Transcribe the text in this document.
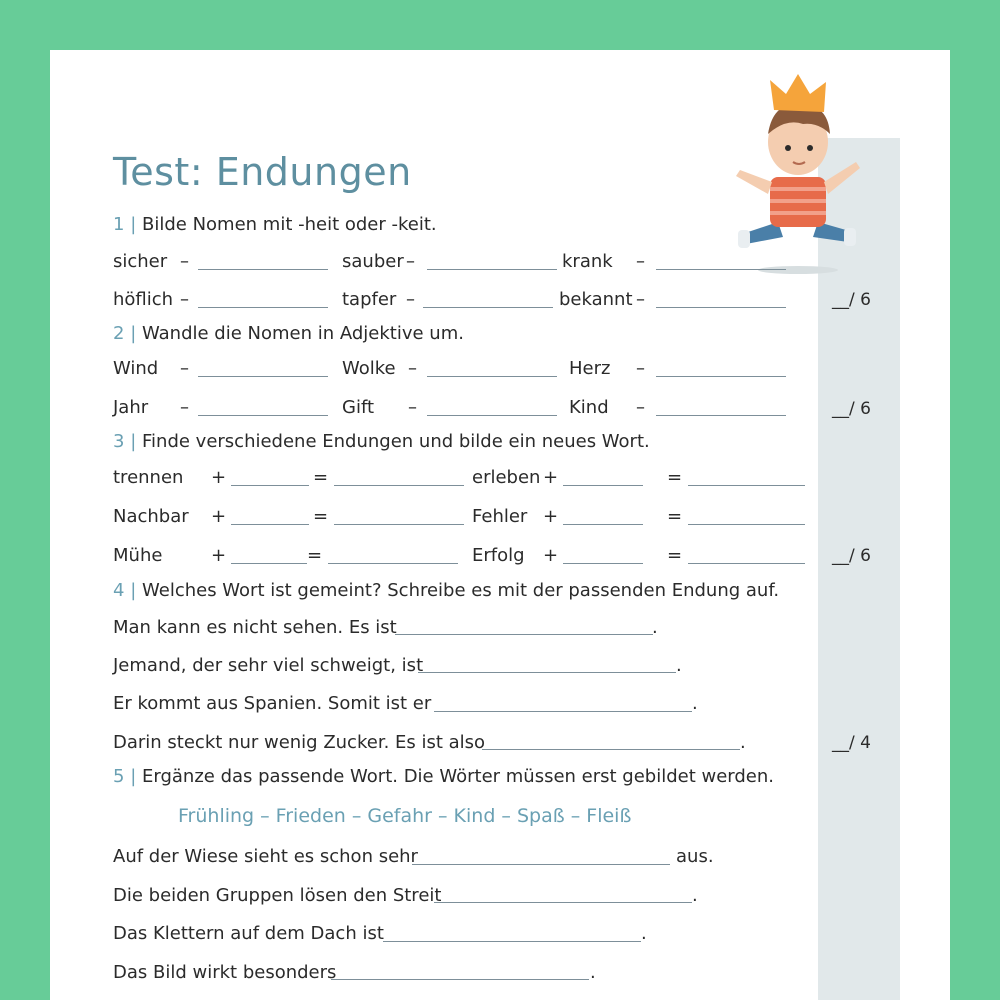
Test: Endungen
1 | Bilde Nomen mit -heit oder -keit.
sicher –	sauber –	krank –
höflich –	tapfer –	bekannt –	__/ 6
2 | Wandle die Nomen in Adjektive um.
Wind –	Wolke –	Herz –
Jahr –	Gift –	Kind –	__/ 6
3 | Finde verschiedene Endungen und bilde ein neues Wort.
trennen +	=	erleben +	=
Nachbar +	=	Fehler +	=
Mühe	+	=	Erfolg +	=	__/ 6
4 | Welches Wort ist gemeint? Schreibe es mit der passenden Endung auf.
Man kann es nicht sehen. Es ist	.
Jemand, der sehr viel schweigt, ist	.
Er kommt aus Spanien. Somit ist er	.
Darin steckt nur wenig Zucker. Es ist also	.	__/ 4
5 | Ergänze das passende Wort. Die Wörter müssen erst gebildet werden.
Frühling – Frieden – Gefahr – Kind – Spaß – Fleiß
Auf der Wiese sieht es schon sehr	aus.
Die beiden Gruppen lösen den Streit	.
Das Klettern auf dem Dach ist	.
Das Bild wirkt besonders	.
